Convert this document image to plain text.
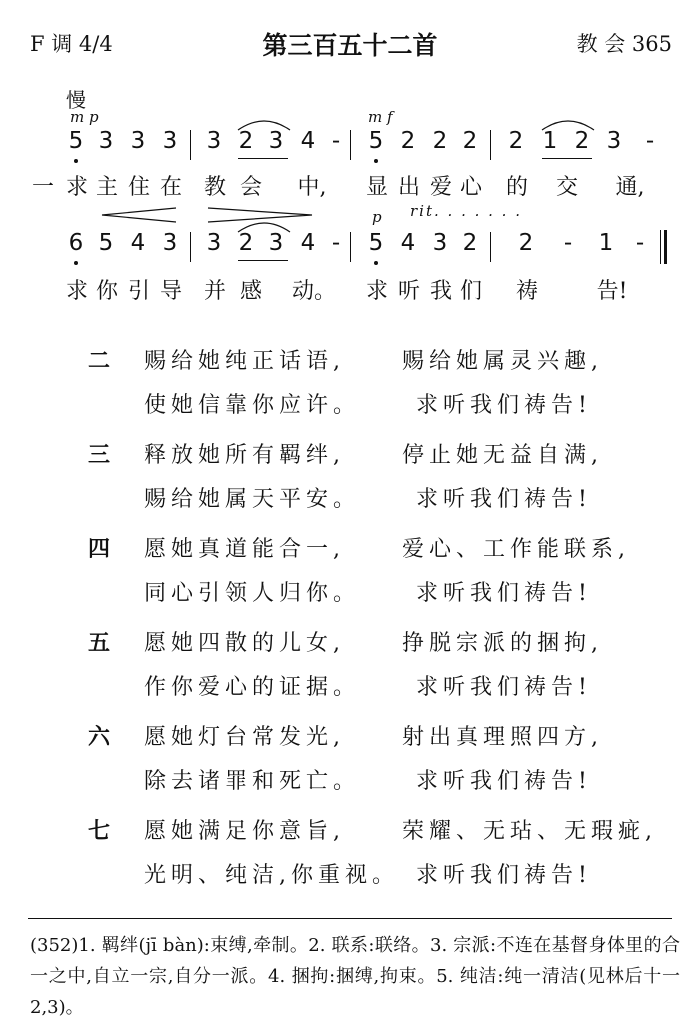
F 调 4/4	第三百五十二首	教 会 365
慢
m p	m f
5 3 3 3 3 2 3 4 - 5 2 2 2 2 1 2 3 -
一 求 主 住 在 教 会 中, 显 出 爱 心 的 交 通,
p rit. . . . . . .
6 5 4 3 3 2 3 4 - 5 4 3 2 2 - 1 -
求 你 引 导 并 感 动。 求 听 我 们 祷	告!
二 赐给她纯正话语,	赐给她属灵兴趣,
使她信靠你应许。	求听我们祷告!
三 释放她所有羁绊,	停止她无益自满,
赐给她属天平安。	求听我们祷告!
四 愿她真道能合一,	爱心、工作能联系,
同心引领人归你。	求听我们祷告!
五 愿她四散的儿女,	挣脱宗派的捆拘,
作你爱心的证据。	求听我们祷告!
六 愿她灯台常发光,	射出真理照四方,
除去诸罪和死亡。	求听我们祷告!
七 愿她满足你意旨,	荣耀、无玷、无瑕疵,
光明、纯洁,你重视。 求听我们祷告!
(352)1. 羁绊(jī bàn):束缚,牵制。2. 联系:联络。3. 宗派:不连在基督身体里的合一之中,自立一宗,自分一派。4. 捆拘:捆缚,拘束。5. 纯洁:纯一清洁(见林后十一 2,3)。
